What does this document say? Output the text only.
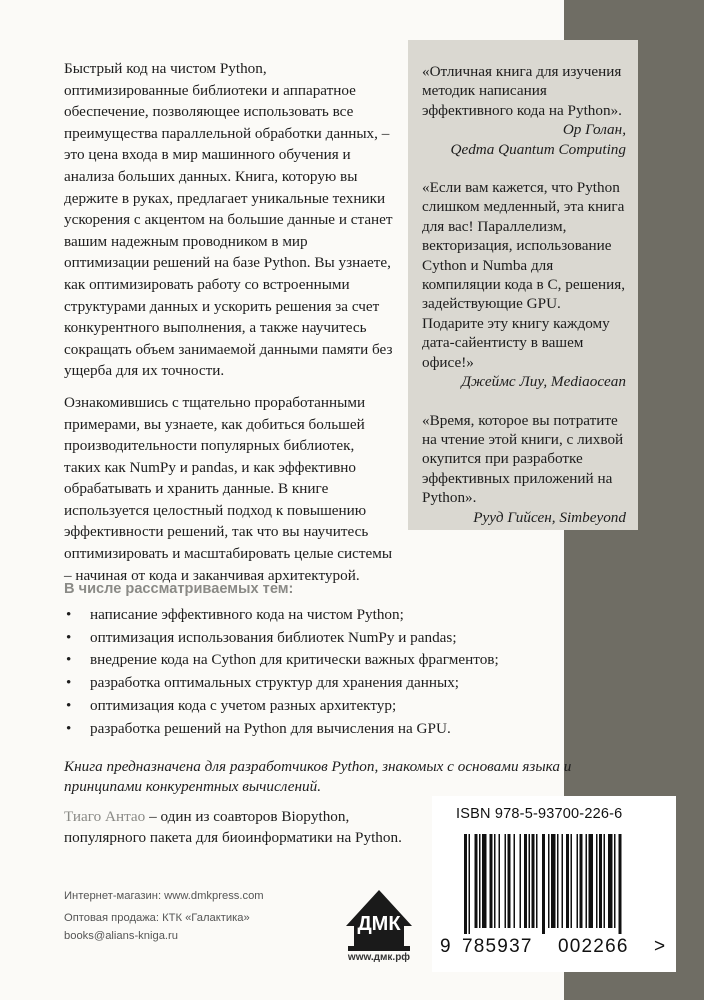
«Отличная книга для изучения методик написания эффективного кода на Python».
Ор Голан,
Qedma Quantum Computing
«Если вам кажется, что Python слишком медленный, эта книга для вас! Параллелизм, векторизация, использование Cython и Numba для компиляции кода в C, решения, задействующие GPU. Подарите эту книгу каждому дата-сайентисту в вашем офисе!»
Джеймс Лиу, Mediaocean
«Время, которое вы потратите на чтение этой книги, с лихвой окупится при разработке эффективных приложений на Python».
Рууд Гийсен, Simbeyond

Быстрый код на чистом Python, оптимизированные библиотеки и аппаратное обеспечение, позволяющее использовать все преимущества параллельной обработки данных, – это цена входа в мир машинного обучения и анализа больших данных. Книга, которую вы держите в руках, предлагает уникальные техники ускорения с акцентом на большие данные и станет вашим надежным проводником в мир оптимизации решений на базе Python. Вы узнаете, как оптимизировать работу со встроенными структурами данных и ускорить решения за счет конкурентного выполнения, а также научитесь сокращать объем занимаемой данными памяти без ущерба для их точности.

Ознакомившись с тщательно проработанными примерами, вы узнаете, как добиться большей производительности популярных библиотек, таких как NumPy и pandas, и как эффективно обрабатывать и хранить данные. В книге используется целостный подход к повышению эффективности решений, так что вы научитесь оптимизировать и масштабировать целые системы – начиная от кода и заканчивая архитектурой.

В числе рассматриваемых тем:
• написание эффективного кода на чистом Python;
• оптимизация использования библиотек NumPy и pandas;
• внедрение кода на Cython для критически важных фрагментов;
• разработка оптимальных структур для хранения данных;
• оптимизация кода с учетом разных архитектур;
• разработка решений на Python для вычисления на GPU.
Книга предназначена для разработчиков Python, знакомых с основами языка и принципами конкурентных вычислений.
Тиаго Антао – один из соавторов Biopython, популярного пакета для биоинформатики на Python.
Интернет-магазин: www.dmkpress.com
Оптовая продажа: КТК «Галактика»
books@alians-kniga.ru
ДМК
www.дмк.рф
ISBN 978-5-93700-226-6
9 785937 002266 >
